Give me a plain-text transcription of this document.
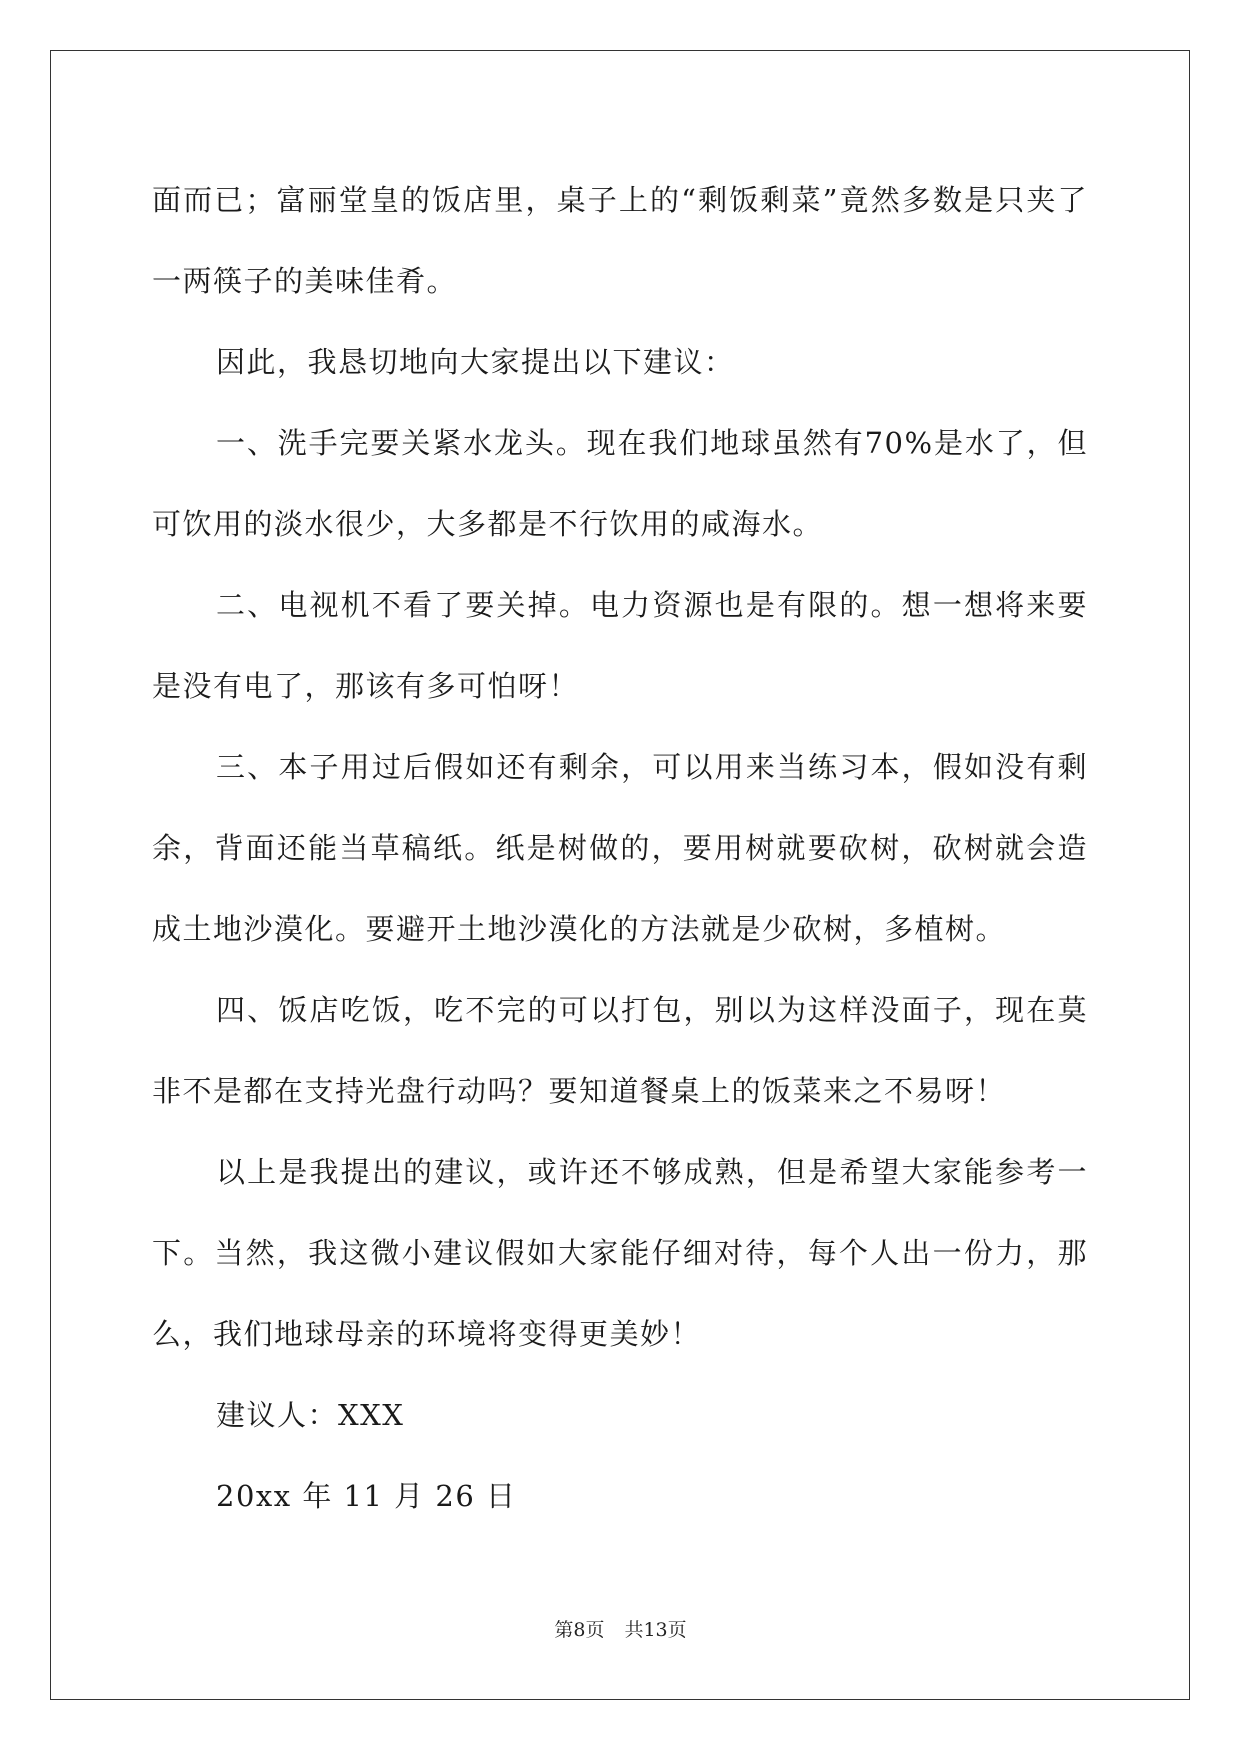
面而已；富丽堂皇的饭店里，桌子上的“剩饭剩菜”竟然多数是只夹了一两筷子的美味佳肴。

因此，我恳切地向大家提出以下建议：

一、洗手完要关紧水龙头。现在我们地球虽然有70%是水了，但可饮用的淡水很少，大多都是不行饮用的咸海水。

二、电视机不看了要关掉。电力资源也是有限的。想一想将来要是没有电了，那该有多可怕呀！

三、本子用过后假如还有剩余，可以用来当练习本，假如没有剩余，背面还能当草稿纸。纸是树做的，要用树就要砍树，砍树就会造成土地沙漠化。要避开土地沙漠化的方法就是少砍树，多植树。

四、饭店吃饭，吃不完的可以打包，别以为这样没面子，现在莫非不是都在支持光盘行动吗？要知道餐桌上的饭菜来之不易呀！

以上是我提出的建议，或许还不够成熟，但是希望大家能参考一下。当然，我这微小建议假如大家能仔细对待，每个人出一份力，那么，我们地球母亲的环境将变得更美妙！

建议人：XXX

20xx 年 11 月 26 日

第8页 共13页
